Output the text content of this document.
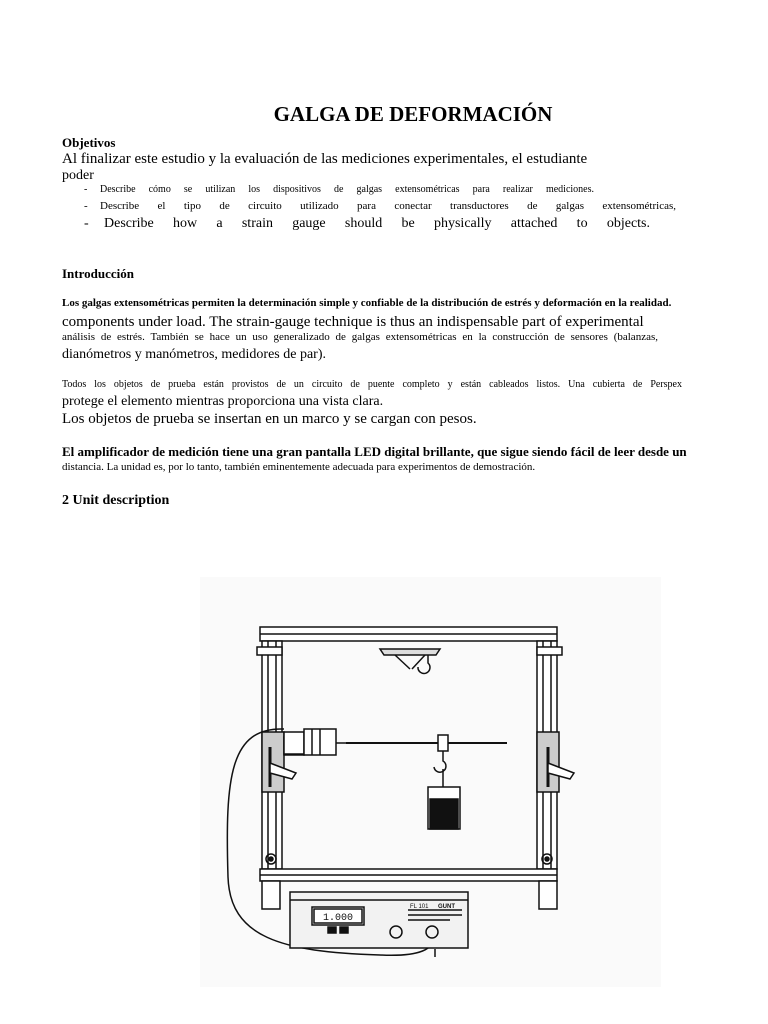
GALGA DE DEFORMACIÓN
Objetivos
Al finalizar este estudio y la evaluación de las mediciones experimentales, el estudiante
poder
- Describe cómo se utilizan los dispositivos de galgas extensométricas para realizar mediciones.
- Describe el tipo de circuito utilizado para conectar transductores de galgas extensométricas,
- Describe how a strain gauge should be physically attached to objects.
Introducción
Los galgas extensométricas permiten la determinación simple y confiable de la distribución de estrés y deformación en la realidad.
components under load. The strain-gauge technique is thus an indispensable part of experimental
análisis de estrés. También se hace un uso generalizado de galgas extensométricas en la construcción de sensores (balanzas,
dianómetros y manómetros, medidores de par).
Todos los objetos de prueba están provistos de un circuito de puente completo y están cableados listos. Una cubierta de Perspex
protege el elemento mientras proporciona una vista clara.
Los objetos de prueba se insertan en un marco y se cargan con pesos.
El amplificador de medición tiene una gran pantalla LED digital brillante, que sigue siendo fácil de leer desde un
distancia. La unidad es, por lo tanto, también eminentemente adecuada para experimentos de demostración.
2 Unit description
1.000
FL 101 GUNT
